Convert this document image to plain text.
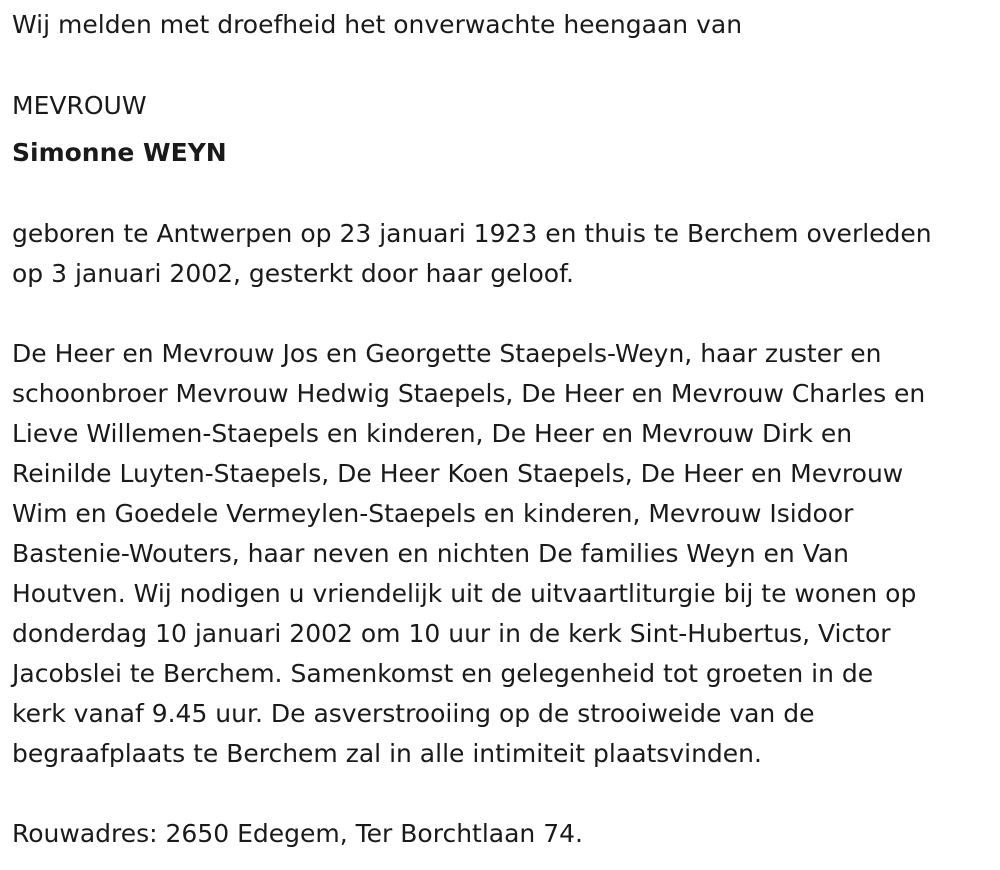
Wij melden met droefheid het onverwachte heengaan van
MEVROUW
Simonne WEYN
geboren te Antwerpen op 23 januari 1923 en thuis te Berchem overleden
op 3 januari 2002, gesterkt door haar geloof.
De Heer en Mevrouw Jos en Georgette Staepels-Weyn, haar zuster en
schoonbroer Mevrouw Hedwig Staepels, De Heer en Mevrouw Charles en
Lieve Willemen-Staepels en kinderen, De Heer en Mevrouw Dirk en
Reinilde Luyten-Staepels, De Heer Koen Staepels, De Heer en Mevrouw
Wim en Goedele Vermeylen-Staepels en kinderen, Mevrouw Isidoor
Bastenie-Wouters, haar neven en nichten De families Weyn en Van
Houtven. Wij nodigen u vriendelijk uit de uitvaartliturgie bij te wonen op
donderdag 10 januari 2002 om 10 uur in de kerk Sint-Hubertus, Victor
Jacobslei te Berchem. Samenkomst en gelegenheid tot groeten in de
kerk vanaf 9.45 uur. De asverstrooiing op de strooiweide van de
begraafplaats te Berchem zal in alle intimiteit plaatsvinden.
Rouwadres: 2650 Edegem, Ter Borchtlaan 74.
